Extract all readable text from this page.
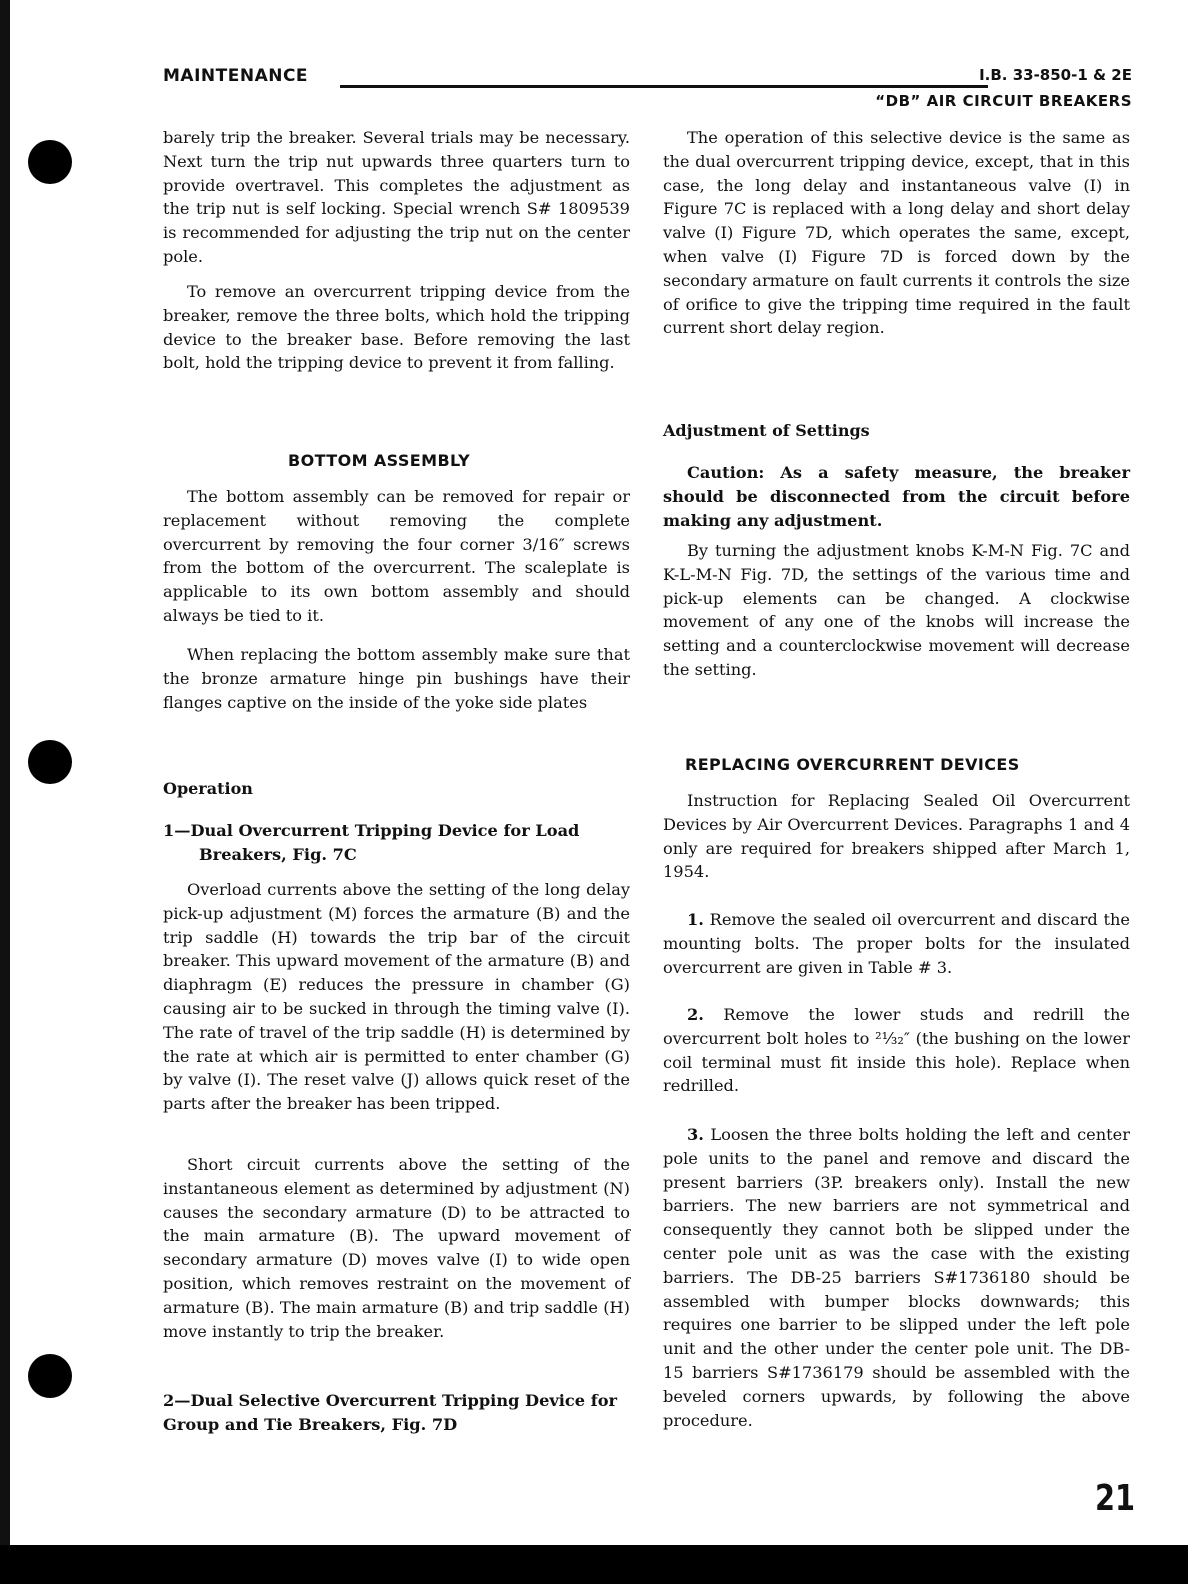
MAINTENANCE	I.B. 33-850-1 & 2E
“DB” AIR CIRCUIT BREAKERS
barely trip the breaker. Several trials may be necessary. Next turn the trip nut upwards three quarters turn to provide overtravel. This completes the adjustment as the trip nut is self locking. Special wrench S# 1809539 is recommended for adjusting the trip nut on the center pole.
To remove an overcurrent tripping device from the breaker, remove the three bolts, which hold the tripping device to the breaker base. Before removing the last bolt, hold the tripping device to prevent it from falling.
BOTTOM ASSEMBLY
The bottom assembly can be removed for repair or replacement without removing the complete overcurrent by removing the four corner 3/16″ screws from the bottom of the overcurrent. The scaleplate is applicable to its own bottom assembly and should always be tied to it.
When replacing the bottom assembly make sure that the bronze armature hinge pin bushings have their flanges captive on the inside of the yoke side plates
Operation
1—Dual Overcurrent Tripping Device for Load Breakers, Fig. 7C
Overload currents above the setting of the long delay pick-up adjustment (M) forces the armature (B) and the trip saddle (H) towards the trip bar of the circuit breaker. This upward movement of the armature (B) and diaphragm (E) reduces the pressure in chamber (G) causing air to be sucked in through the timing valve (I). The rate of travel of the trip saddle (H) is determined by the rate at which air is permitted to enter chamber (G) by valve (I). The reset valve (J) allows quick reset of the parts after the breaker has been tripped.
Short circuit currents above the setting of the instantaneous element as determined by adjustment (N) causes the secondary armature (D) to be attracted to the main armature (B). The upward movement of secondary armature (D) moves valve (I) to wide open position, which removes restraint on the movement of armature (B). The main armature (B) and trip saddle (H) move instantly to trip the breaker.
2—Dual Selective Overcurrent Tripping Device for Group and Tie Breakers, Fig. 7D
The operation of this selective device is the same as the dual overcurrent tripping device, except, that in this case, the long delay and instantaneous valve (I) in Figure 7C is replaced with a long delay and short delay valve (I) Figure 7D, which operates the same, except, when valve (I) Figure 7D is forced down by the secondary armature on fault currents it controls the size of orifice to give the tripping time required in the fault current short delay region.
Adjustment of Settings
Caution: As a safety measure, the breaker should be disconnected from the circuit before making any adjustment.
By turning the adjustment knobs K-M-N Fig. 7C and K-L-M-N Fig. 7D, the settings of the various time and pick-up elements can be changed. A clockwise movement of any one of the knobs will increase the setting and a counterclockwise movement will decrease the setting.
REPLACING OVERCURRENT DEVICES
Instruction for Replacing Sealed Oil Overcurrent Devices by Air Overcurrent Devices. Paragraphs 1 and 4 only are required for breakers shipped after March 1, 1954.
1. Remove the sealed oil overcurrent and discard the mounting bolts. The proper bolts for the insulated overcurrent are given in Table # 3.
2. Remove the lower studs and redrill the overcurrent bolt holes to ²¹⁄₃₂″ (the bushing on the lower coil terminal must fit inside this hole). Replace when redrilled.
3. Loosen the three bolts holding the left and center pole units to the panel and remove and discard the present barriers (3P. breakers only). Install the new barriers. The new barriers are not symmetrical and consequently they cannot both be slipped under the center pole unit as was the case with the existing barriers. The DB-25 barriers S#1736180 should be assembled with bumper blocks downwards; this requires one barrier to be slipped under the left pole unit and the other under the center pole unit. The DB-15 barriers S#1736179 should be assembled with the beveled corners upwards, by following the above procedure.
21
